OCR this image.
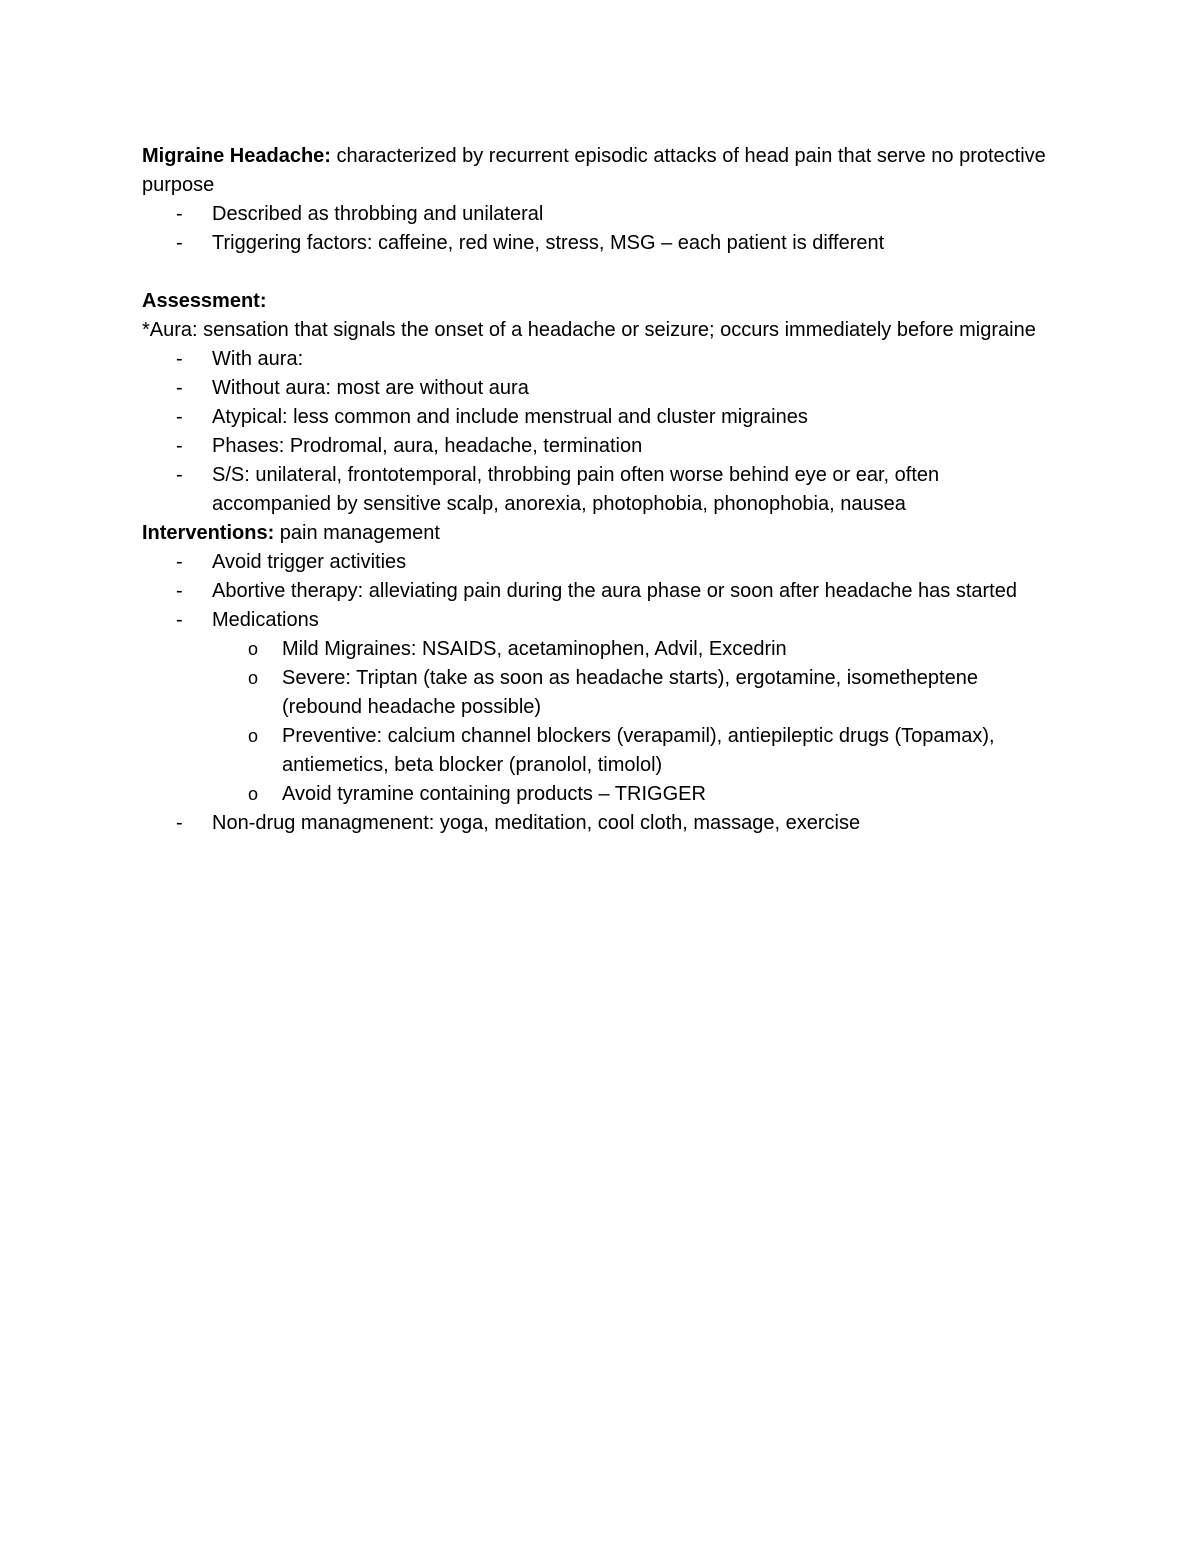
Migraine Headache: characterized by recurrent episodic attacks of head pain that serve no protective purpose

- Described as throbbing and unilateral
- Triggering factors: caffeine, red wine, stress, MSG – each patient is different

Assessment:

*Aura: sensation that signals the onset of a headache or seizure; occurs immediately before migraine

- With aura:
- Without aura: most are without aura
- Atypical: less common and include menstrual and cluster migraines
- Phases: Prodromal, aura, headache, termination
- S/S: unilateral, frontotemporal, throbbing pain often worse behind eye or ear, often accompanied by sensitive scalp, anorexia, photophobia, phonophobia, nausea

Interventions: pain management

- Avoid trigger activities
- Abortive therapy: alleviating pain during the aura phase or soon after headache has started
- Medications
o Mild Migraines: NSAIDS, acetaminophen, Advil, Excedrin
o Severe: Triptan (take as soon as headache starts), ergotamine, isometheptene (rebound headache possible)
o Preventive: calcium channel blockers (verapamil), antiepileptic drugs (Topamax), antiemetics, beta blocker (pranolol, timolol)
o Avoid tyramine containing products – TRIGGER
- Non-drug managmenent: yoga, meditation, cool cloth, massage, exercise
